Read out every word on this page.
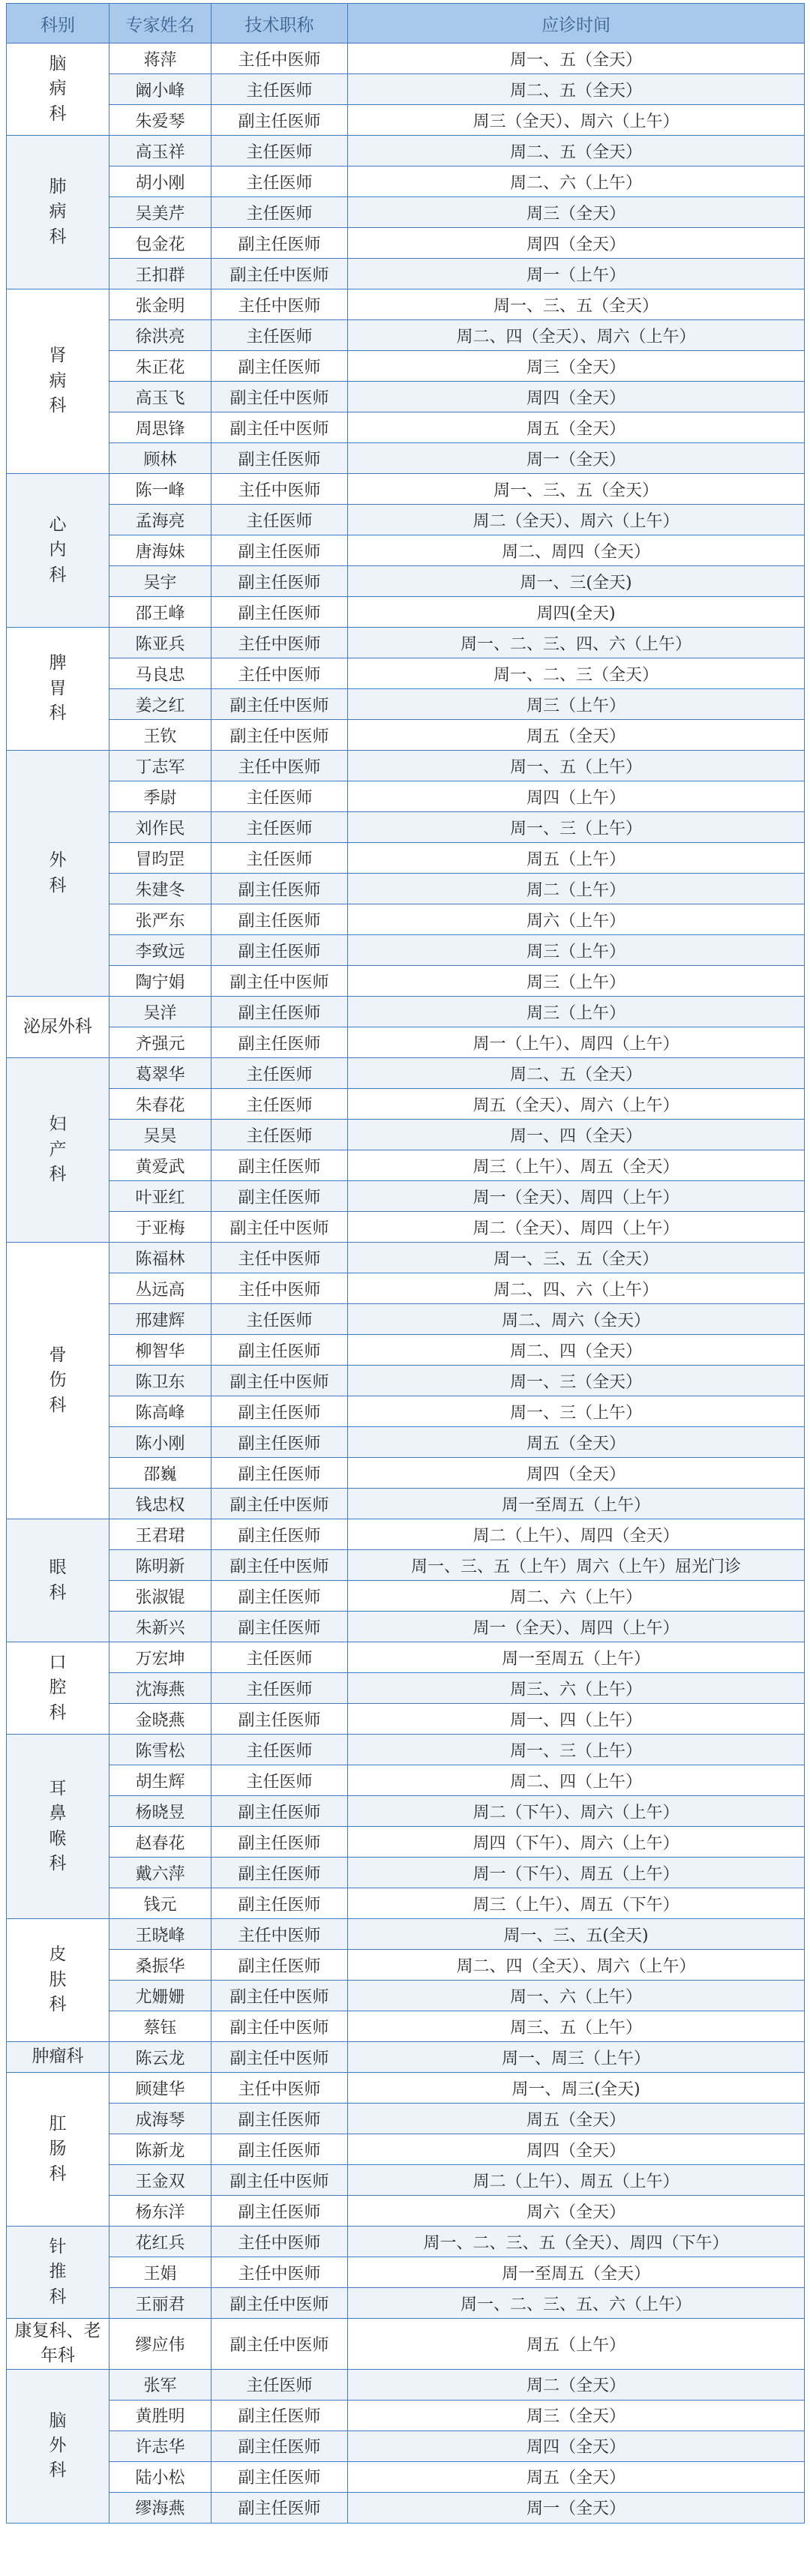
科别	专家姓名	技术职称	应诊时间

脑
病
科	蒋萍	主任中医师	周一、五（全天）
	阚小峰	主任医师	周二、五（全天）
	朱爱琴	副主任医师	周三（全天）、周六（上午）

肺
病
科	高玉祥	主任医师	周二、五（全天）
	胡小刚	主任医师	周二、六（上午）
	吴美芹	主任医师	周三（全天）
	包金花	副主任医师	周四（全天）
	王扣群	副主任中医师	周一（上午）

肾
病
科	张金明	主任中医师	周一、三、五（全天）
	徐洪亮	主任医师	周二、四（全天）、周六（上午）
	朱正花	副主任医师	周三（全天）
	高玉飞	副主任中医师	周四（全天）
	周思锋	副主任中医师	周五（全天）
	顾林	副主任医师	周一（全天）

心
内
科	陈一峰	主任中医师	周一、三、五（全天）
	孟海亮	主任医师	周二（全天）、周六（上午）
	唐海妹	副主任医师	周二、周四（全天）
	吴宇	副主任医师	周一、三(全天)
	邵王峰	副主任医师	周四(全天)

脾
胃
科	陈亚兵	主任中医师	周一、二、三、四、六（上午）
	马良忠	主任中医师	周一、二、三（全天）
	姜之红	副主任中医师	周三（上午）
	王钦	副主任中医师	周五（全天）

外
科	丁志军	主任中医师	周一、五（上午）
	季尉	主任医师	周四（上午）
	刘作民	主任医师	周一、三（上午）
	冒昀罡	主任医师	周五（上午）
	朱建冬	副主任医师	周二（上午）
	张严东	副主任医师	周六（上午）
	李致远	副主任医师	周三（上午）
	陶宁娟	副主任中医师	周三（上午）

泌尿外科	吴洋	副主任医师	周三（上午）
	齐强元	副主任医师	周一（上午）、周四（上午）

妇
产
科	葛翠华	主任医师	周二、五（全天）
	朱春花	主任医师	周五（全天）、周六（上午）
	吴昊	主任医师	周一、四（全天）
	黄爱武	副主任医师	周三（上午）、周五（全天）
	叶亚红	副主任医师	周一（全天）、周四（上午）
	于亚梅	副主任中医师	周二（全天）、周四（上午）

骨
伤
科	陈福林	主任中医师	周一、三、五（全天）
	丛远高	主任中医师	周二、四、六（上午）
	邢建辉	主任医师	周二、周六（全天）
	柳智华	副主任医师	周二、四（全天）
	陈卫东	副主任中医师	周一、三（全天）
	陈高峰	副主任医师	周一、三（上午）
	陈小刚	副主任医师	周五（全天）
	邵巍	副主任医师	周四（全天）
	钱忠权	副主任中医师	周一至周五（上午）

眼
科	王君珺	副主任医师	周二（上午）、周四（全天）
	陈明新	副主任中医师	周一、三、五（上午）周六（上午）屈光门诊
	张淑锟	副主任医师	周二、六（上午）
	朱新兴	副主任医师	周一（全天）、周四（上午）

口
腔
科	万宏坤	主任医师	周一至周五（上午）
	沈海燕	主任医师	周三、六（上午）
	金晓燕	副主任医师	周一、四（上午）

耳
鼻
喉
科	陈雪松	主任医师	周一、三（上午）
	胡生辉	主任医师	周二、四（上午）
	杨晓昱	副主任医师	周二（下午）、周六（上午）
	赵春花	副主任医师	周四（下午）、周六（上午）
	戴六萍	副主任医师	周一（下午）、周五（上午）
	钱元	副主任医师	周三（上午）、周五（下午）

皮
肤
科	王晓峰	主任中医师	周一、三、五(全天)
	桑振华	副主任医师	周二、四（全天）、周六（上午）
	尤姗姗	副主任中医师	周一、六（上午）
	蔡钰	副主任中医师	周三、五（上午）

肿瘤科	陈云龙	副主任中医师	周一、周三（上午）

肛
肠
科	顾建华	主任中医师	周一、周三(全天)
	成海琴	副主任医师	周五（全天）
	陈新龙	副主任医师	周四（全天）
	王金双	副主任中医师	周二（上午）、周五（上午）
	杨东洋	副主任医师	周六（全天）

针
推
科	花红兵	主任中医师	周一、二、三、五（全天）、周四（下午）
	王娟	主任中医师	周一至周五（全天）
	王丽君	副主任中医师	周一、二、三、五、六（上午）

康复科、老年科	缪应伟	副主任中医师	周五（上午）

脑
外
科	张军	主任医师	周二（全天）
	黄胜明	副主任医师	周三（全天）
	许志华	副主任医师	周四（全天）
	陆小松	副主任医师	周五（全天）
	缪海燕	副主任医师	周一（全天）
